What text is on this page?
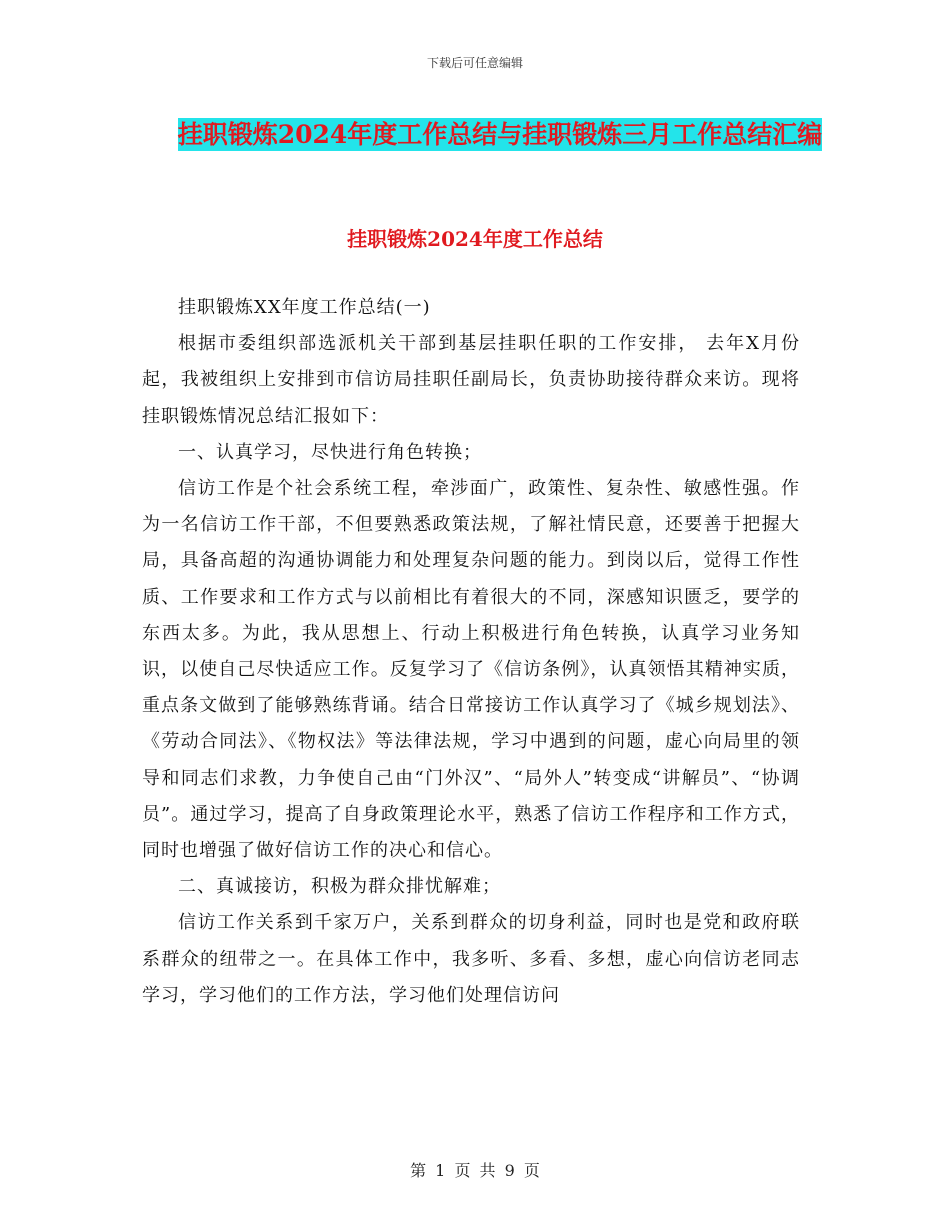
下载后可任意编辑
挂职锻炼2024年度工作总结与挂职锻炼三月工作总结汇编
挂职锻炼2024年度工作总结

挂职锻炼XX年度工作总结(一)

根据市委组织部选派机关干部到基层挂职任职的工作安排， 去年X月份起，我被组织上安排到市信访局挂职任副局长，负责协助接待群众来访。现将挂职锻炼情况总结汇报如下：

一、认真学习，尽快进行角色转换；

信访工作是个社会系统工程，牵涉面广，政策性、复杂性、敏感性强。作为一名信访工作干部，不但要熟悉政策法规，了解社情民意，还要善于把握大局，具备高超的沟通协调能力和处理复杂问题的能力。到岗以后，觉得工作性质、工作要求和工作方式与以前相比有着很大的不同，深感知识匮乏，要学的东西太多。为此，我从思想上、行动上积极进行角色转换，认真学习业务知识，以使自己尽快适应工作。反复学习了《信访条例》，认真领悟其精神实质，重点条文做到了能够熟练背诵。结合日常接访工作认真学习了《城乡规划法》、《劳动合同法》、《物权法》等法律法规，学习中遇到的问题，虚心向局里的领导和同志们求教，力争使自己由“门外汉”、“局外人”转变成“讲解员”、“协调员”。通过学习，提高了自身政策理论水平，熟悉了信访工作程序和工作方式，同时也增强了做好信访工作的决心和信心。

二、真诚接访，积极为群众排忧解难；

信访工作关系到千家万户，关系到群众的切身利益，同时也是党和政府联系群众的纽带之一。在具体工作中，我多听、多看、多想，虚心向信访老同志学习，学习他们的工作方法，学习他们处理信访问

第 1 页 共 9 页
